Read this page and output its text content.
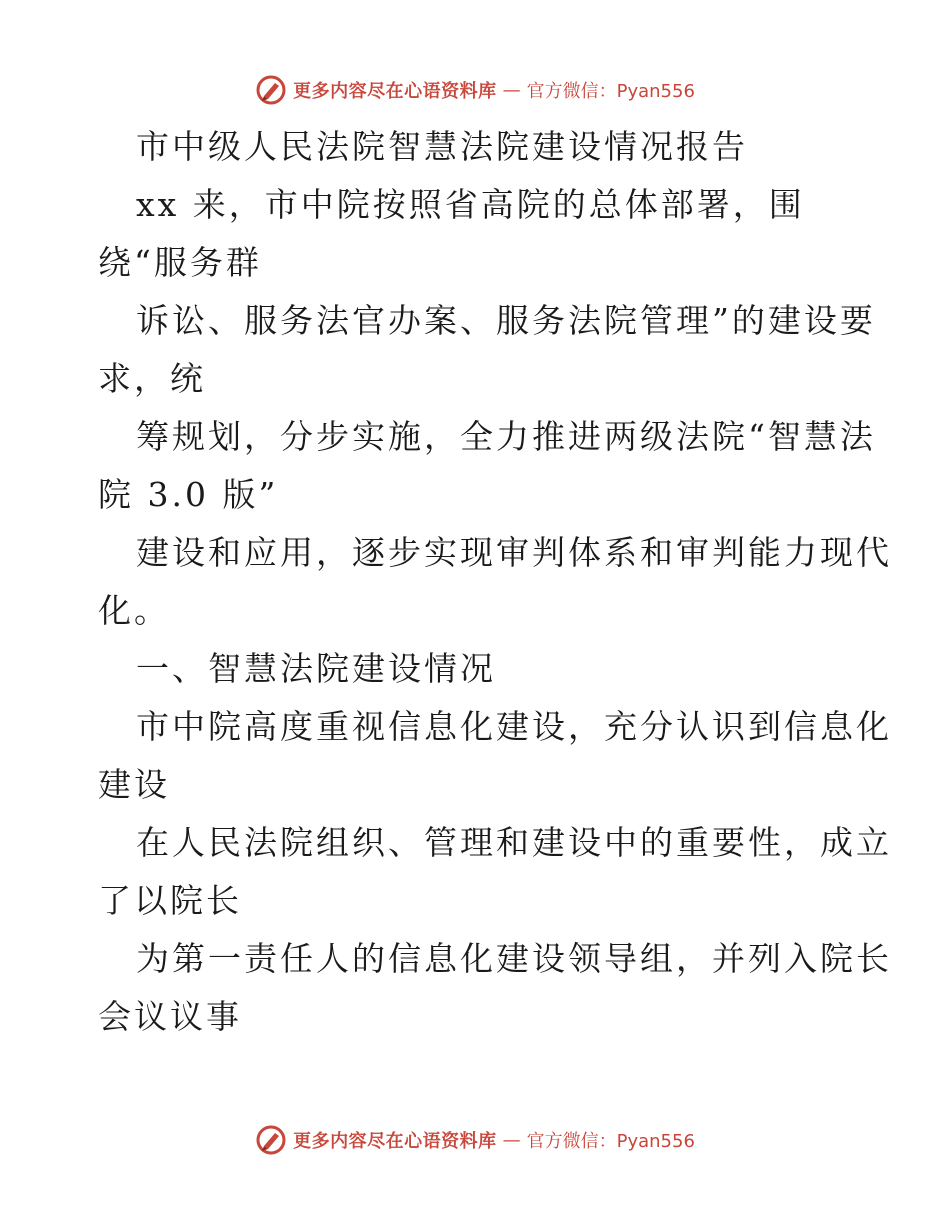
更多内容尽在心语资料库 — 官方微信：Pyan556
市中级人民法院智慧法院建设情况报告
xx 来，市中院按照省高院的总体部署，围
绕“服务群
诉讼、服务法官办案、服务法院管理”的建设要
求，统
筹规划，分步实施，全力推进两级法院“智慧法
院 3.0 版”
建设和应用，逐步实现审判体系和审判能力现代
化。
一、智慧法院建设情况
市中院高度重视信息化建设，充分认识到信息化
建设
在人民法院组织、管理和建设中的重要性，成立
了以院长
为第一责任人的信息化建设领导组，并列入院长
会议议事
更多内容尽在心语资料库 — 官方微信：Pyan556
